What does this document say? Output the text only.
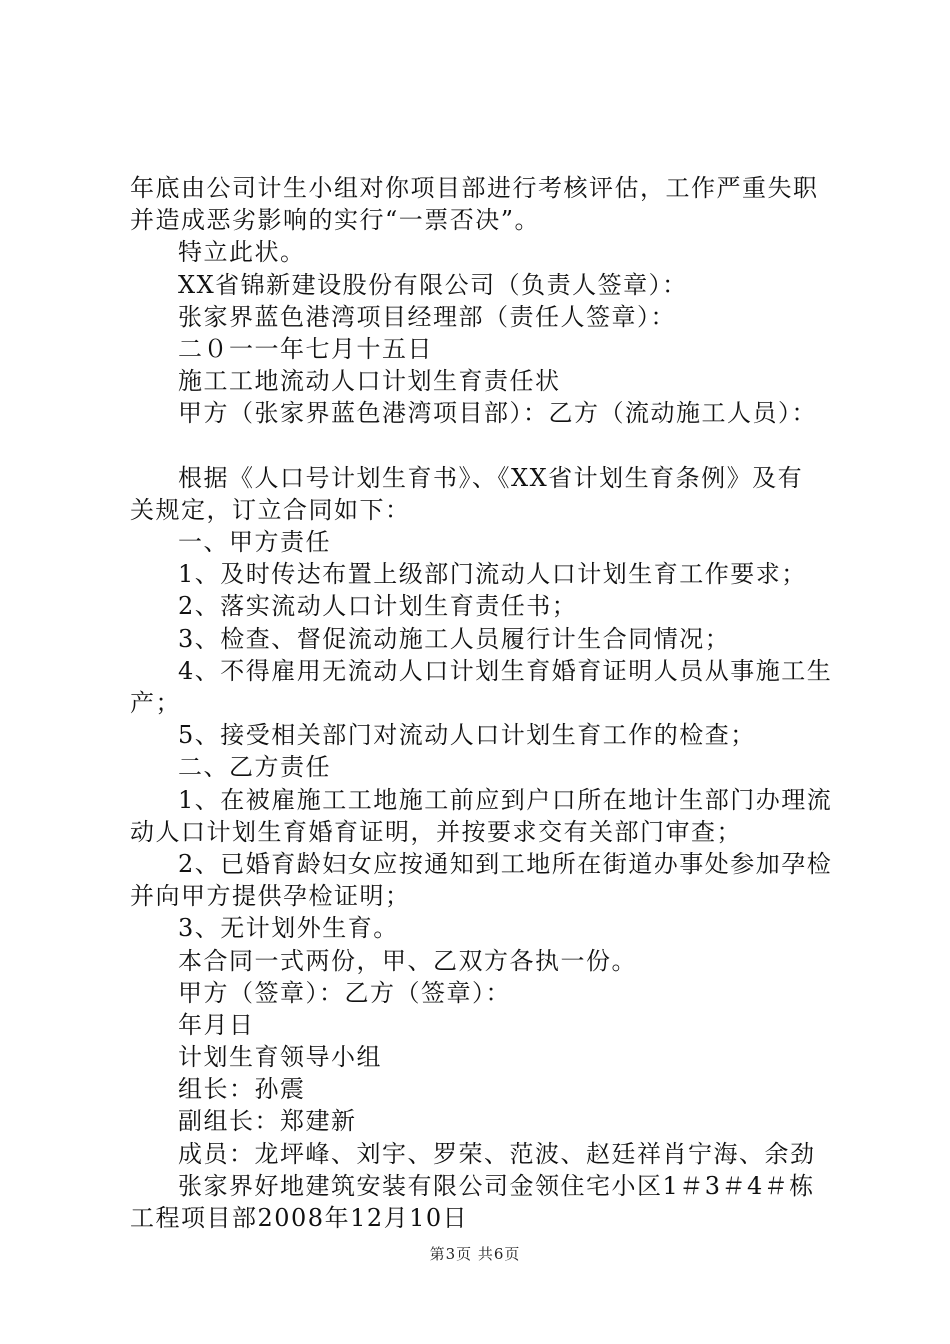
年底由公司计生小组对你项目部进行考核评估，工作严重失职
并造成恶劣影响的实行“一票否决”。
特立此状。
XX省锦新建设股份有限公司（负责人签章）：
张家界蓝色港湾项目经理部（责任人签章）：
二０一一年七月十五日
施工工地流动人口计划生育责任状
甲方（张家界蓝色港湾项目部）：乙方（流动施工人员）：
根据《人口号计划生育书》、《XX省计划生育条例》及有
关规定，订立合同如下：
一、甲方责任
1、及时传达布置上级部门流动人口计划生育工作要求；
2、落实流动人口计划生育责任书；
3、检查、督促流动施工人员履行计生合同情况；
4、不得雇用无流动人口计划生育婚育证明人员从事施工生
产；
5、接受相关部门对流动人口计划生育工作的检查；
二、乙方责任
1、在被雇施工工地施工前应到户口所在地计生部门办理流
动人口计划生育婚育证明，并按要求交有关部门审查；
2、已婚育龄妇女应按通知到工地所在街道办事处参加孕检
并向甲方提供孕检证明；
3、无计划外生育。
本合同一式两份，甲、乙双方各执一份。
甲方（签章）：乙方（签章）：
年月日
计划生育领导小组
组长：孙震
副组长：郑建新
成员：龙坪峰、刘宇、罗荣、范波、赵廷祥肖宁海、余劲
张家界好地建筑安装有限公司金领住宅小区1＃3＃4＃栋
工程项目部2008年12月10日
第3页 共6页
